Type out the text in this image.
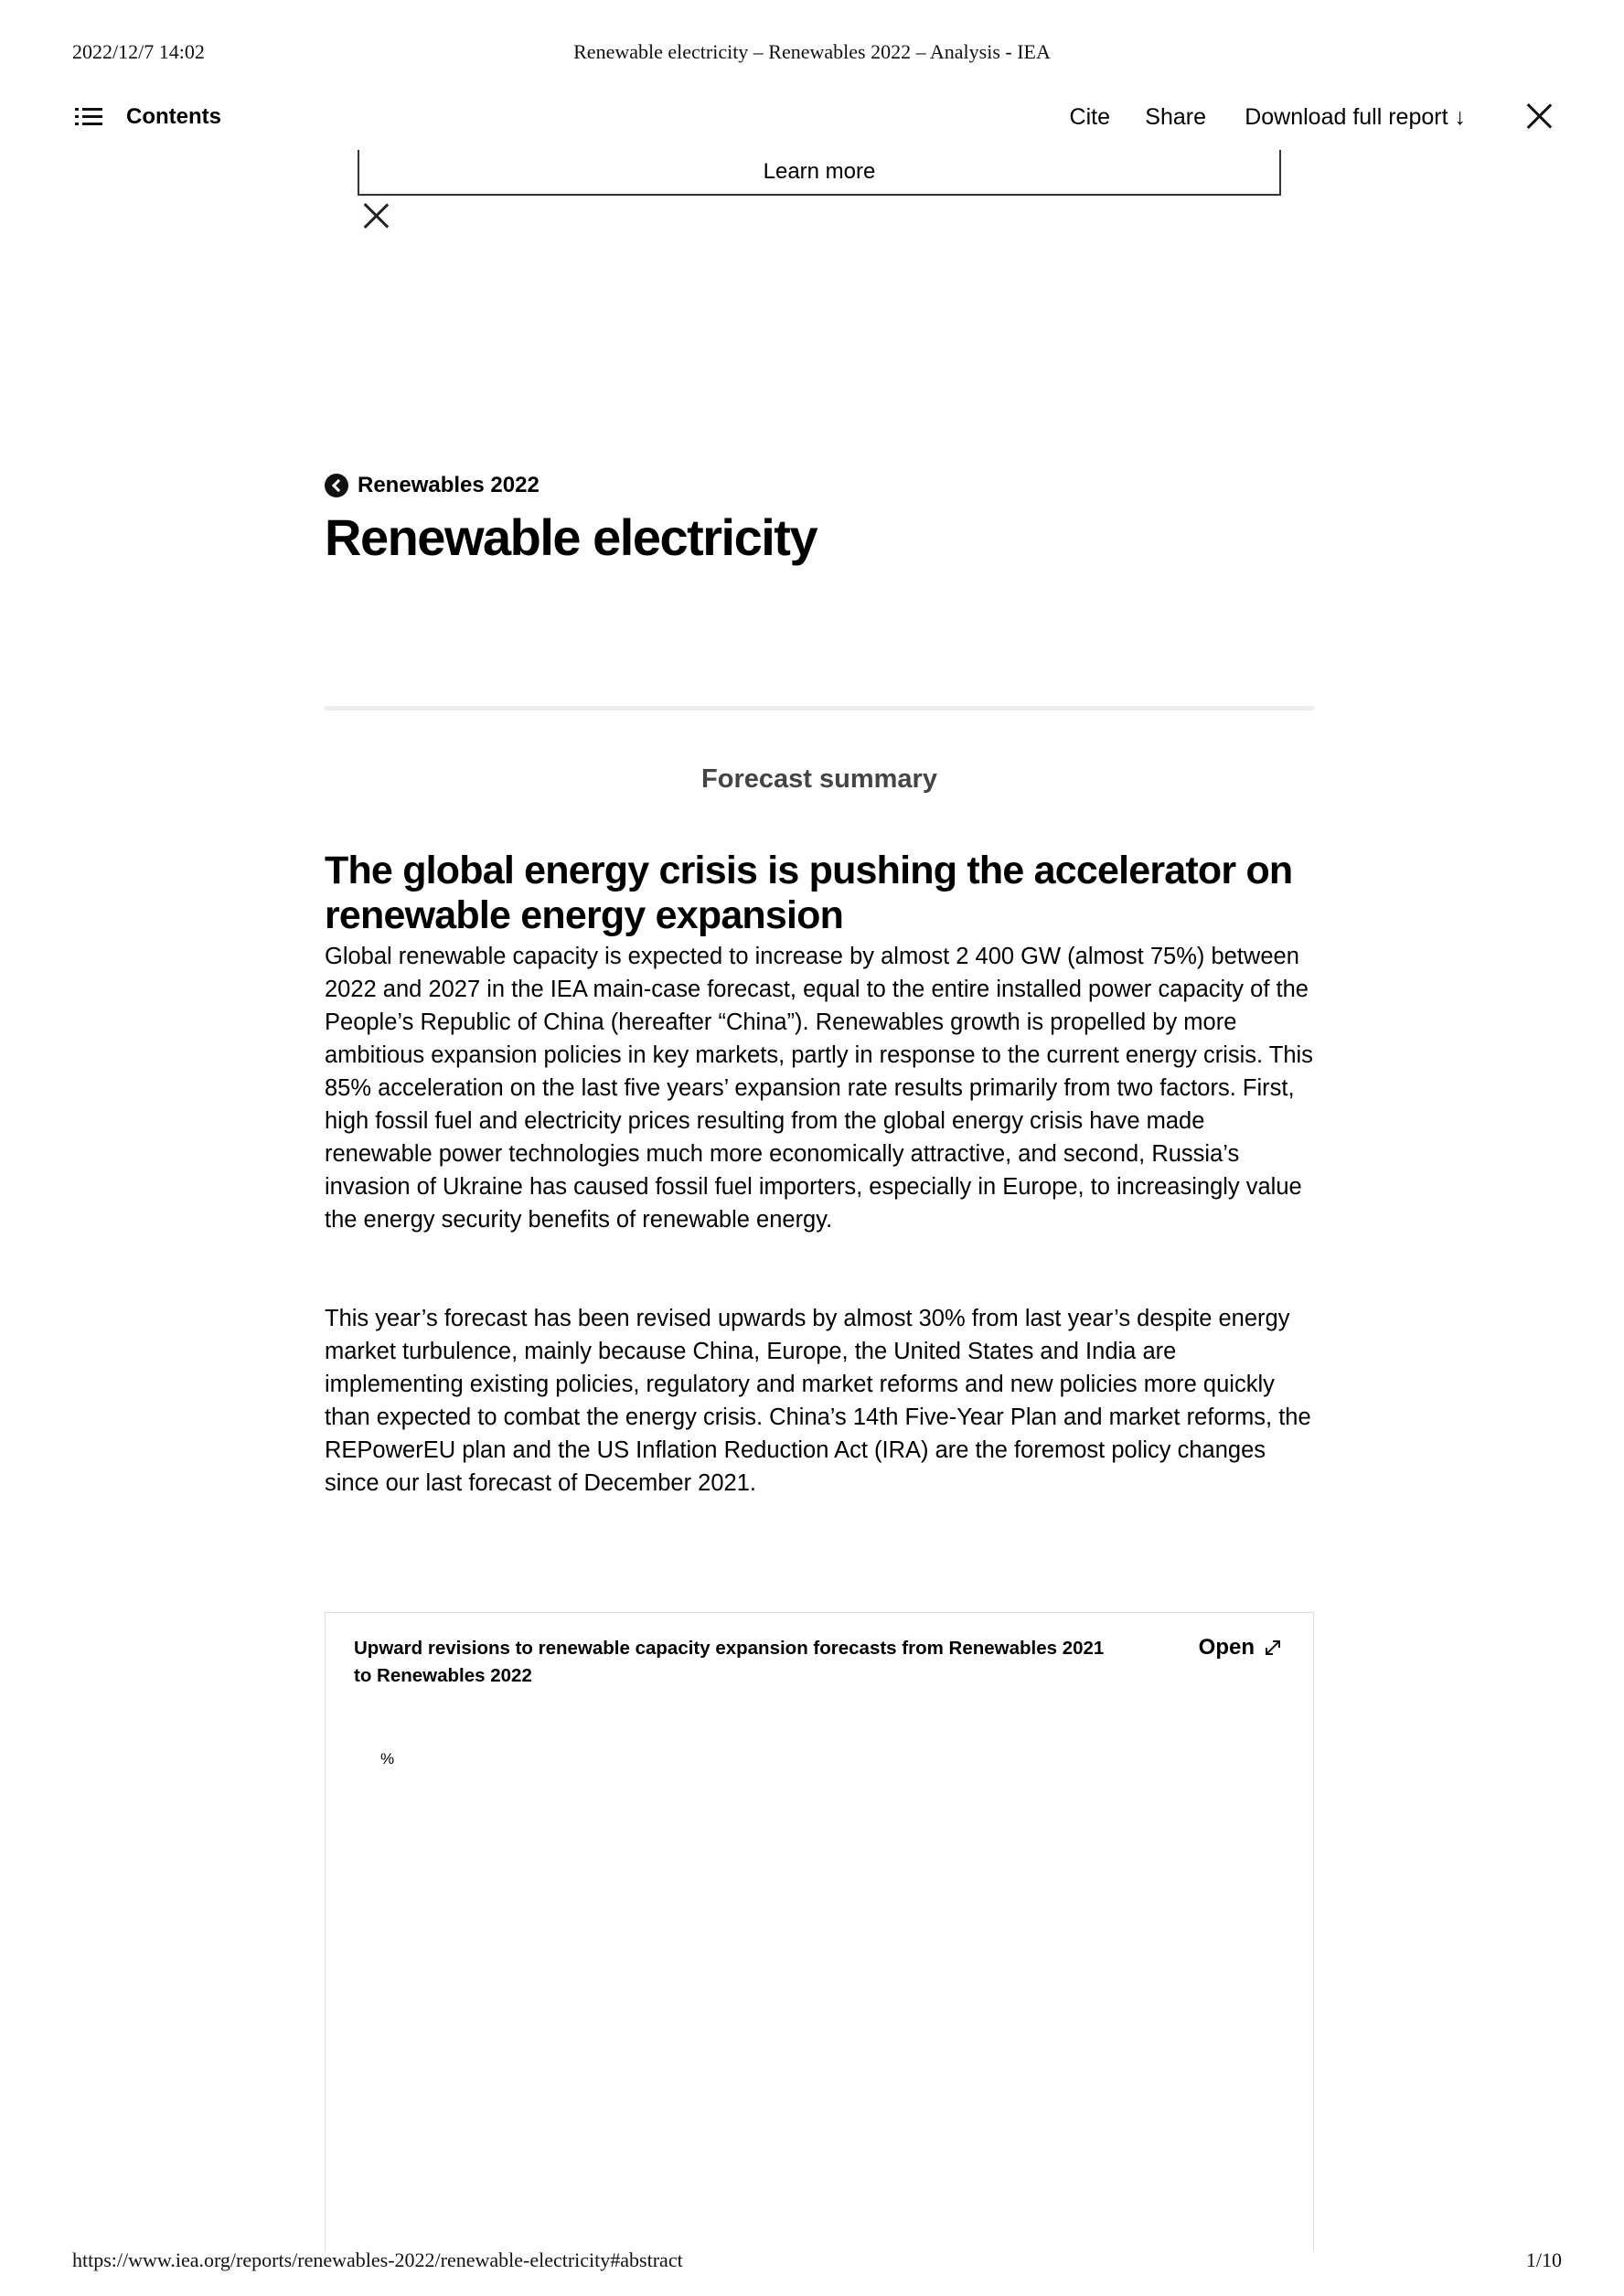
2022/12/7 14:02	Renewable electricity – Renewables 2022 – Analysis - IEA
Contents	Cite Share Download full report ↓
Learn more
Renewables 2022
Renewable electricity
Forecast summary
The global energy crisis is pushing the accelerator on renewable energy expansion

Global renewable capacity is expected to increase by almost 2 400 GW (almost 75%) between 2022 and 2027 in the IEA main-case forecast, equal to the entire installed power capacity of the People’s Republic of China (hereafter “China”). Renewables growth is propelled by more ambitious expansion policies in key markets, partly in response to the current energy crisis. This 85% acceleration on the last five years’ expansion rate results primarily from two factors. First, high fossil fuel and electricity prices resulting from the global energy crisis have made renewable power technologies much more economically attractive, and second, Russia’s invasion of Ukraine has caused fossil fuel importers, especially in Europe, to increasingly value the energy security benefits of renewable energy.

This year’s forecast has been revised upwards by almost 30% from last year’s despite energy market turbulence, mainly because China, Europe, the United States and India are implementing existing policies, regulatory and market reforms and new policies more quickly than expected to combat the energy crisis. China’s 14th Five-Year Plan and market reforms, the REPowerEU plan and the US Inflation Reduction Act (IRA) are the foremost policy changes since our last forecast of December 2021.

Upward revisions to renewable capacity expansion forecasts from Renewables 2021 to Renewables 2022
Open
%
https://www.iea.org/reports/renewables-2022/renewable-electricity#abstract	1/10
